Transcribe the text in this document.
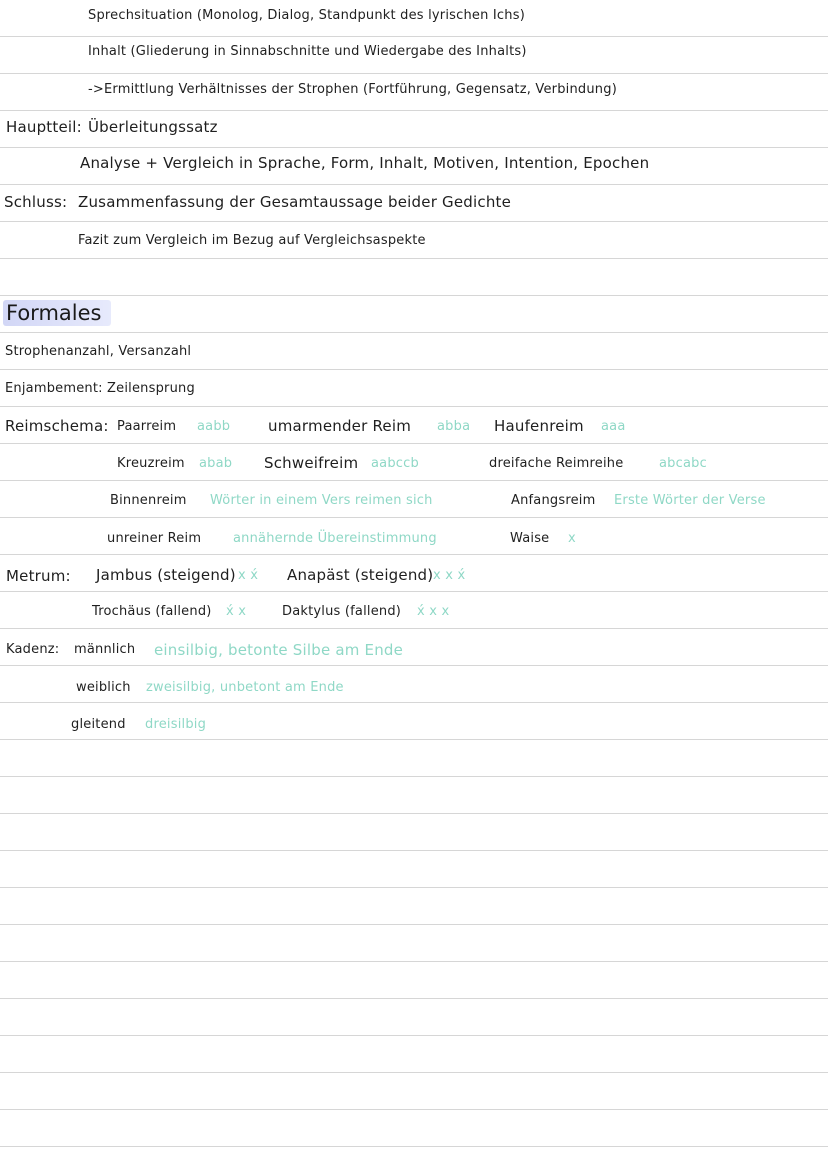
Sprechsituation (Monolog, Dialog, Standpunkt des lyrischen Ichs)
Inhalt (Gliederung in Sinnabschnitte und Wiedergabe des Inhalts)
->Ermittlung Verhältnisses der Strophen (Fortführung, Gegensatz, Verbindung)
Hauptteil: Überleitungssatz
Analyse + Vergleich in Sprache, Form, Inhalt, Motiven, Intention, Epochen
Schluss: Zusammenfassung der Gesamtaussage beider Gedichte
Fazit zum Vergleich im Bezug auf Vergleichsaspekte
Formales
Strophenanzahl, Versanzahl
Enjambement: Zeilensprung
Reimschema: Paarreim aabb	umarmender Reim abba Haufenreim aaa
Kreuzreim abab Schweifreim aabccb	dreifache Reimreihe	abcabc
Binnenreim Wörter in einem Vers reimen sich	Anfangsreim Erste Wörter der Verse
unreiner Reim annähernde Übereinstimmung	Waise x
Metrum: Jambus (steigend) x x́ Anapäst (steigend) x x x́
Trochäus (fallend) x́ x	Daktylus (fallend) x́ x x
Kadenz: männlich einsilbig, betonte Silbe am Ende
weiblich zweisilbig, unbetont am Ende
gleitend dreisilbig
